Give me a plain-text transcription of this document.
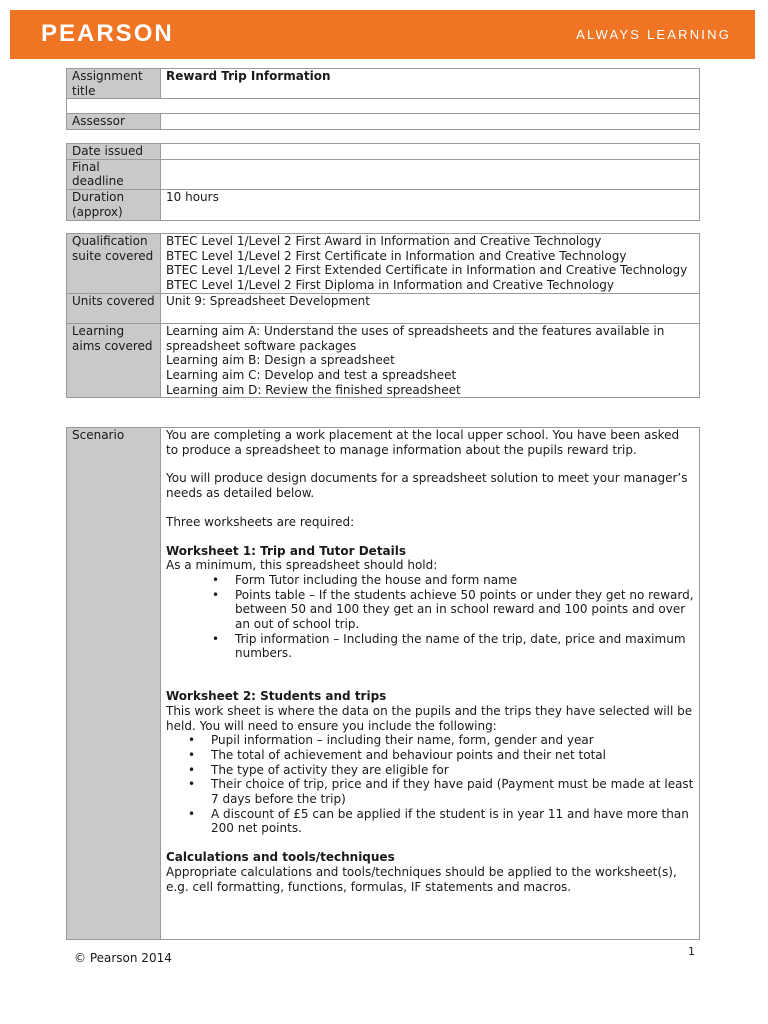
PEARSON	ALWAYS LEARNING
Assignment title	Reward Trip Information

Assessor	
Date issued	
Final deadline	
Duration (approx)	10 hours
Qualification suite covered	BTEC Level 1/Level 2 First Award in Information and Creative Technology
BTEC Level 1/Level 2 First Certificate in Information and Creative Technology
BTEC Level 1/Level 2 First Extended Certificate in Information and Creative Technology
BTEC Level 1/Level 2 First Diploma in Information and Creative Technology

Units covered	Unit 9: Spreadsheet Development
Learning aims covered	Learning aim A: Understand the uses of spreadsheets and the features available in spreadsheet software packages
Learning aim B: Design a spreadsheet
Learning aim C: Develop and test a spreadsheet
Learning aim D: Review the finished spreadsheet
Scenario	You are completing a work placement at the local upper school. You have been asked to produce a spreadsheet to manage information about the pupils reward trip.
You will produce design documents for a spreadsheet solution to meet your manager’s needs as detailed below.
Three worksheets are required:
Worksheet 1: Trip and Tutor Details
As a minimum, this spreadsheet should hold:
• Form Tutor including the house and form name
• Points table – If the students achieve 50 points or under they get no reward, between 50 and 100 they get an in school reward and 100 points and over an out of school trip.
• Trip information – Including the name of the trip, date, price and maximum numbers.
Worksheet 2: Students and trips
This work sheet is where the data on the pupils and the trips they have selected will be held. You will need to ensure you include the following:
• Pupil information – including their name, form, gender and year
• The total of achievement and behaviour points and their net total
• The type of activity they are eligible for
• Their choice of trip, price and if they have paid (Payment must be made at least 7 days before the trip)
• A discount of £5 can be applied if the student is in year 11 and have more than 200 net points.
Calculations and tools/techniques
Appropriate calculations and tools/techniques should be applied to the worksheet(s), e.g. cell formatting, functions, formulas, IF statements and macros.
© Pearson 2014	1
